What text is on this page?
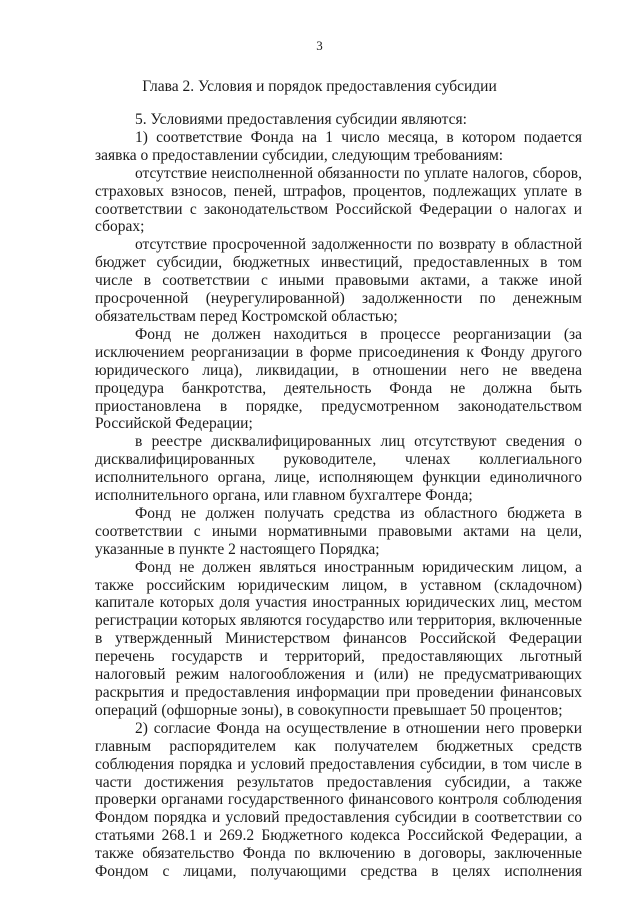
3
Глава 2. Условия и порядок предоставления субсидии

5. Условиями предоставления субсидии являются:

1) соответствие Фонда на 1 число месяца, в котором подается заявка о предоставлении субсидии, следующим требованиям:

отсутствие неисполненной обязанности по уплате налогов, сборов, страховых взносов, пеней, штрафов, процентов, подлежащих уплате в соответствии с законодательством Российской Федерации о налогах и сборах;

отсутствие просроченной задолженности по возврату в областной бюджет субсидии, бюджетных инвестиций, предоставленных в том числе в соответствии с иными правовыми актами, а также иной просроченной (неурегулированной) задолженности по денежным обязательствам перед Костромской областью;

Фонд не должен находиться в процессе реорганизации (за исключением реорганизации в форме присоединения к Фонду другого юридического лица), ликвидации, в отношении него не введена процедура банкротства, деятельность Фонда не должна быть приостановлена в порядке, предусмотренном законодательством Российской Федерации;

в реестре дисквалифицированных лиц отсутствуют сведения о дисквалифицированных руководителе, членах коллегиального исполнительного органа, лице, исполняющем функции единоличного исполнительного органа, или главном бухгалтере Фонда;

Фонд не должен получать средства из областного бюджета в соответствии с иными нормативными правовыми актами на цели, указанные в пункте 2 настоящего Порядка;

Фонд не должен являться иностранным юридическим лицом, а также российским юридическим лицом, в уставном (складочном) капитале которых доля участия иностранных юридических лиц, местом регистрации которых являются государство или территория, включенные в утвержденный Министерством финансов Российской Федерации перечень государств и территорий, предоставляющих льготный налоговый режим налогообложения и (или) не предусматривающих раскрытия и предоставления информации при проведении финансовых операций (офшорные зоны), в совокупности превышает 50 процентов;

2) согласие Фонда на осуществление в отношении него проверки главным распорядителем как получателем бюджетных средств соблюдения порядка и условий предоставления субсидии, в том числе в части достижения результатов предоставления субсидии, а также проверки органами государственного финансового контроля соблюдения Фондом порядка и условий предоставления субсидии в соответствии со статьями 268.1 и 269.2 Бюджетного кодекса Российской Федерации, а также обязательство Фонда по включению в договоры, заключенные Фондом с лицами, получающими средства в целях исполнения
